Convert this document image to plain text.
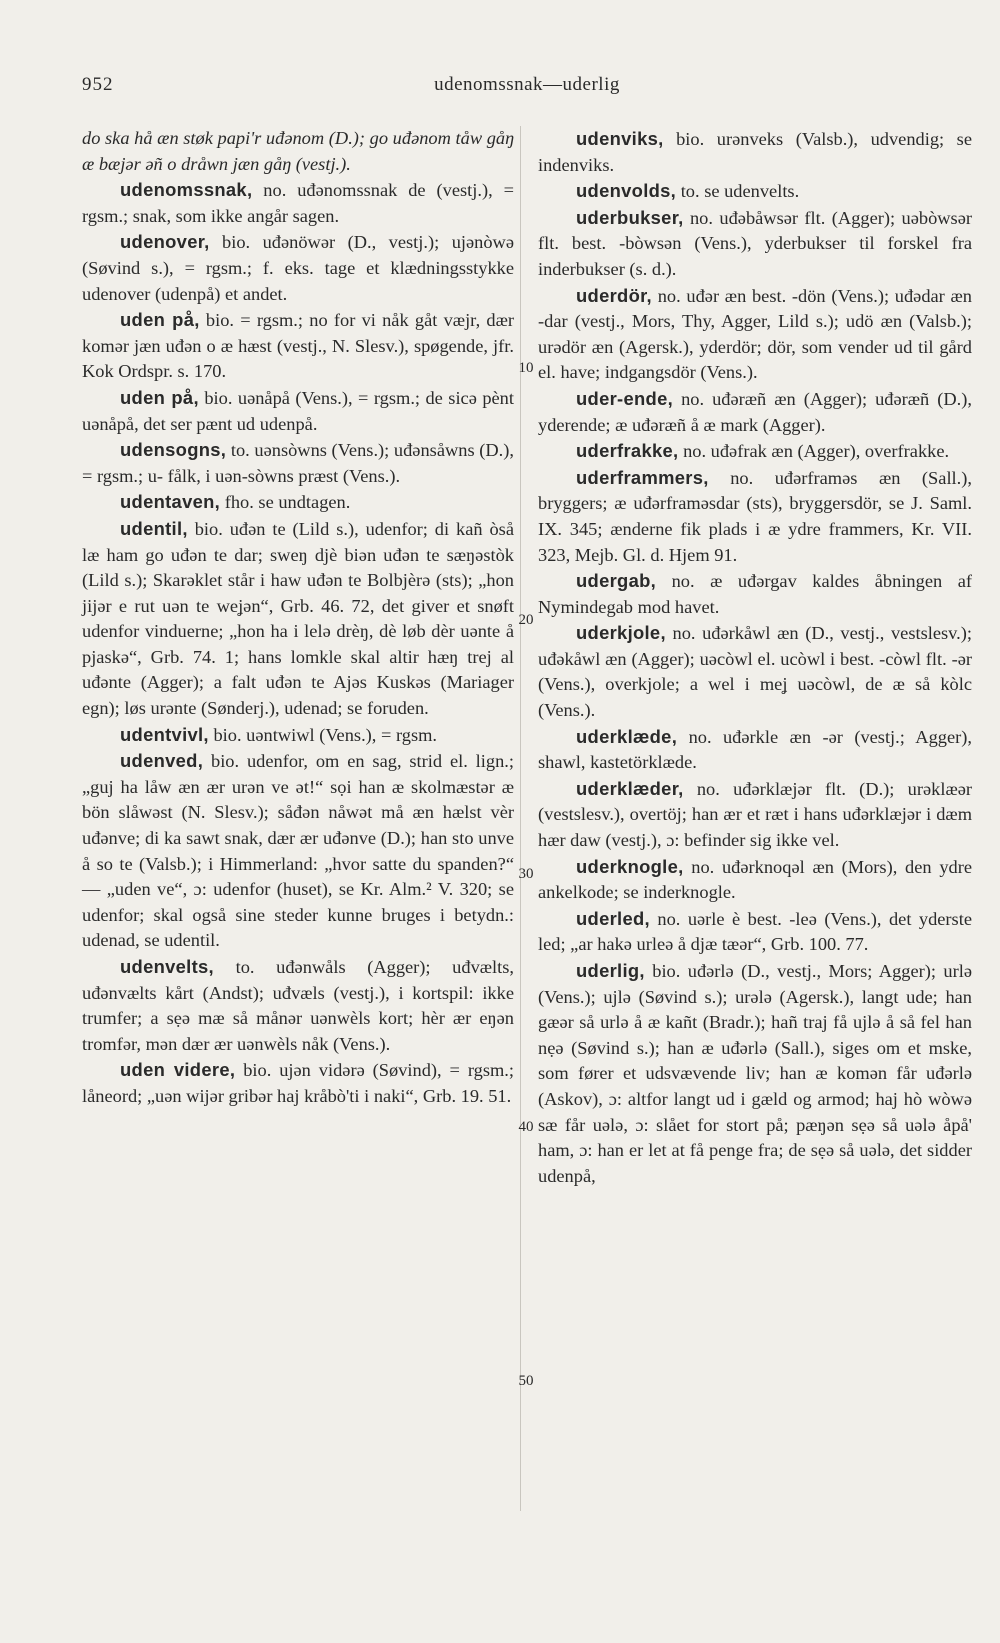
952	udenomssnak—uderlig
10
20
30
40
50

do ska hå æn støk papi'r uđənom (D.); go uđənom tåw gåŋ æ bæjər əñ o dråwn jæn gåŋ (vestj.).

udenomssnak, no. uđənomssnak de (vestj.), = rgsm.; snak, som ikke angår sagen.

udenover, bio. uđənöwər (D., vestj.); ujənòwə (Søvind s.), = rgsm.; f. eks. tage et klædningsstykke udenover (udenpå) et andet.

uden på, bio. = rgsm.; no for vi nåk gåt væjr, dær komər jæn uđən o æ hæst (vestj., N. Slesv.), spøgende, jfr. Kok Ordspr. s. 170.

uden på, bio. uənåpå (Vens.), = rgsm.; de sicə pènt uənåpå, det ser pænt ud udenpå.

udensogns, to. uənsòwns (Vens.); uđənsåwns (D.), = rgsm.; u- fålk, i uən-sòwns præst (Vens.).

udentaven, fho. se undtagen.

udentil, bio. uđən te (Lild s.), udenfor; di kañ òså læ ham go uđən te dar; sweŋ djè biən uđən te sæŋəstòk (Lild s.); Skarəklet står i haw uđən te Bolbjèrə (sts); „hon jijər e rut uən te weʝən“, Grb. 46. 72, det giver et snøft udenfor vinduerne; „hon ha i lelə drèŋ, dè løb dèr uənte å pjaskə“, Grb. 74. 1; hans lomkle skal altir hæŋ trej al uđənte (Agger); a falt uđən te Ajəs Kuskəs (Mariager egn); løs urənte (Sønderj.), udenad; se foruden.

udentvivl, bio. uəntwiwl (Vens.), = rgsm.

udenved, bio. udenfor, om en sag, strid el. lign.; „guj ha låw æn ær urən ve ət!“ sọi han æ skolmæstər æ bön slåwəst (N. Slesv.); såđən nåwət må æn hælst vèr uđənve; di ka sawt snak, dær ær uđənve (D.); han sto unve å so te (Valsb.); i Himmerland: „hvor satte du spanden?“ — „uden ve“, ɔ: udenfor (huset), se Kr. Alm.² V. 320; se udenfor; skal også sine steder kunne bruges i betydn.: udenad, se udentil.

udenvelts, to. uđənwåls (Agger); uđvælts, uđənvælts kårt (Andst); uđvæls (vestj.), i kortspil: ikke trumfer; a sẹə mæ så månər uənwèls kort; hèr ær eŋən tromfər, mən dær ær uənwèls nåk (Vens.).

uden videre, bio. ujən vidərə (Søvind), = rgsm.; låneord; „uən wijər gribər haj kråbò'ti i naki“, Grb. 19. 51.

udenviks, bio. urənveks (Valsb.), udvendig; se indenviks.

udenvolds, to. se udenvelts.

uderbukser, no. uđəbåwsər flt. (Agger); uəbòwsər flt. best. -bòwsən (Vens.), yderbukser til forskel fra inderbukser (s. d.).

uderdör, no. uđər æn best. -dön (Vens.); uđədar æn -dar (vestj., Mors, Thy, Agger, Lild s.); udö æn (Valsb.); urədör æn (Agersk.), yderdör; dör, som vender ud til gård el. have; indgangsdör (Vens.).

uder-ende, no. uđəræñ æn (Agger); uđəræñ (D.), yderende; æ uđəræñ å æ mark (Agger).

uderfrakke, no. uđəfrak æn (Agger), overfrakke.

uderframmers, no. uđərframəs æn (Sall.), bryggers; æ uđərframəsdar (sts), bryggersdör, se J. Saml. IX. 345; ænderne fik plads i æ ydre frammers, Kr. VII. 323, Mejb. Gl. d. Hjem 91.

udergab, no. æ uđərgav kaldes åbningen af Nymindegab mod havet.

uderkjole, no. uđərkåwl æn (D., vestj., vestslesv.); uđəkåwl æn (Agger); uəcòwl el. ucòwl i best. -còwl flt. -ər (Vens.), overkjole; a wel i meʝ uəcòwl, de æ så kòlc (Vens.).

uderklæde, no. uđərkle æn -ər (vestj.; Agger), shawl, kastetörklæde.

uderklæder, no. uđərklæjər flt. (D.); urəklæər (vestslesv.), overtöj; han ær et ræt i hans uđərklæjər i dæm hær daw (vestj.), ɔ: befinder sig ikke vel.

uderknogle, no. uđərknoqəl æn (Mors), den ydre ankelkode; se inderknogle.

uderled, no. uərle è best. -leə (Vens.), det yderste led; „ar hakə urleə å djæ tæər“, Grb. 100. 77.

uderlig, bio. uđərlə (D., vestj., Mors; Agger); urlə (Vens.); ujlə (Søvind s.); urələ (Agersk.), langt ude; han gæər så urlə å æ kañt (Bradr.); hañ traj få ujlə å så fel han nẹə (Søvind s.); han æ uđərlə (Sall.), siges om et mske, som fører et udsvævende liv; han æ komən får uđərlə (Askov), ɔ: altfor langt ud i gæld og armod; haj hò wòwə sæ får uələ, ɔ: slået for stort på; pæŋən sẹə så uələ åpå' ham, ɔ: han er let at få penge fra; de sẹə så uələ, det sidder udenpå,
